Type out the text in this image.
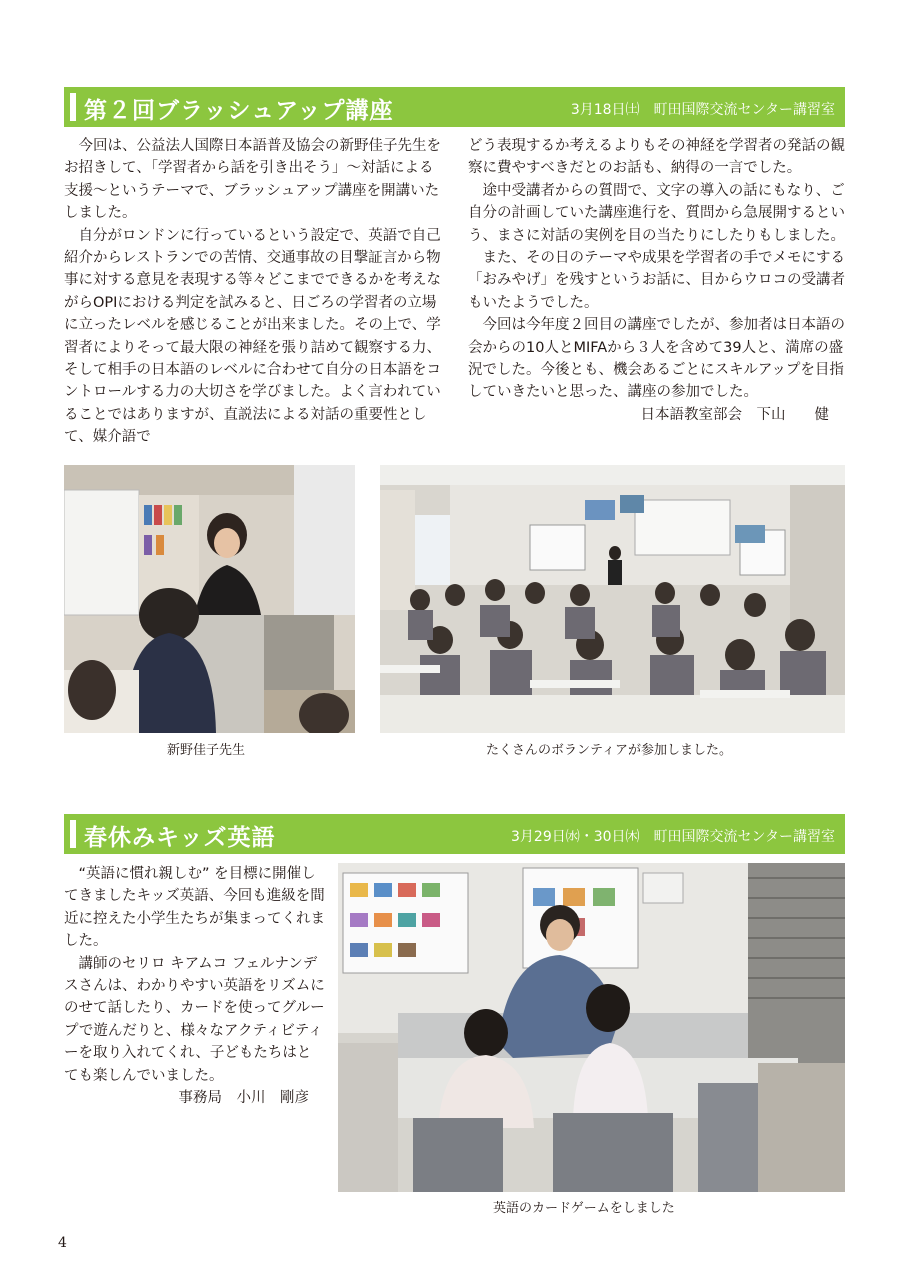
第２回ブラッシュアップ講座	3月18日㈯　町田国際交流センター講習室

今回は、公益法人国際日本語普及協会の新野佳子先生をお招きして、「学習者から話を引き出そう」～対話による支援～というテーマで、ブラッシュアップ講座を開講いたしました。

自分がロンドンに行っているという設定で、英語で自己紹介からレストランでの苦情、交通事故の目撃証言から物事に対する意見を表現する等々どこまでできるかを考えながらOPIにおける判定を試みると、日ごろの学習者の立場に立ったレベルを感じることが出来ました。その上で、学習者によりそって最大限の神経を張り詰めて観察する力、そして相手の日本語のレベルに合わせて自分の日本語をコントロールする力の大切さを学びました。よく言われていることではありますが、直説法による対話の重要性として、媒介語で

どう表現するか考えるよりもその神経を学習者の発話の観察に費やすべきだとのお話も、納得の一言でした。

途中受講者からの質問で、文字の導入の話にもなり、ご自分の計画していた講座進行を、質問から急展開するという、まさに対話の実例を目の当たりにしたりもしました。

また、その日のテーマや成果を学習者の手でメモにする「おみやげ」を残すというお話に、目からウロコの受講者もいたようでした。

今回は今年度２回目の講座でしたが、参加者は日本語の会からの10人とMIFAから３人を含めて39人と、満席の盛況でした。今後とも、機会あるごとにスキルアップを目指していきたいと思った、講座の参加でした。

日本語教室部会　下山　　健

新野佳子先生	たくさんのボランティアが参加しました。
春休みキッズ英語	3月29日㈬・30日㈭　町田国際交流センター講習室

“英語に慣れ親しむ” を目標に開催してきましたキッズ英語、今回も進級を間近に控えた小学生たちが集まってくれました。

講師のセリロ キアムコ フェルナンデスさんは、わかりやすい英語をリズムにのせて話したり、カードを使ってグループで遊んだりと、様々なアクティビティーを取り入れてくれ、子どもたちはとても楽しんでいました。

事務局　小川　剛彦

英語のカードゲームをしました
4
